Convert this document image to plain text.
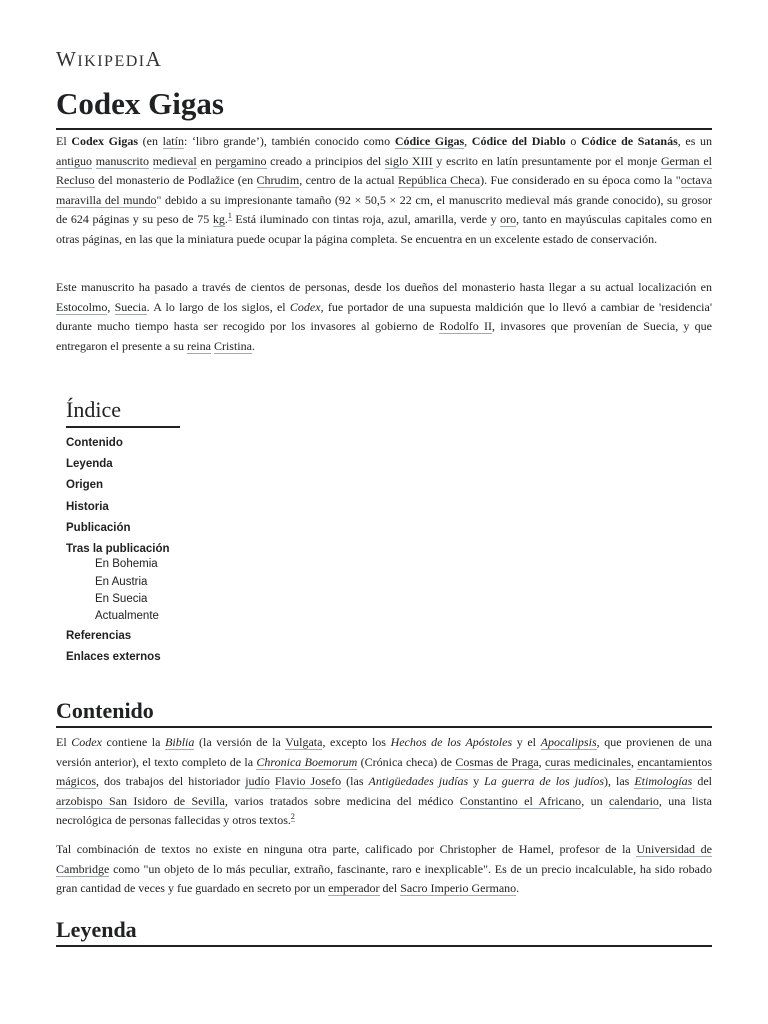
WIKIPEDIA
Codex Gigas

El Codex Gigas (en latín: ‘libro grande’), también conocido como Códice Gigas, Códice del Diablo o Códice de Satanás, es un antiguo manuscrito medieval en pergamino creado a principios del siglo XIII y escrito en latín presuntamente por el monje German el Recluso del monasterio de Podlažice (en Chrudim, centro de la actual República Checa). Fue considerado en su época como la "octava maravilla del mundo" debido a su impresionante tamaño (92 × 50,5 × 22 cm, el manuscrito medieval más grande conocido), su grosor de 624 páginas y su peso de 75 kg.$^1$ Está iluminado con tintas roja, azul, amarilla, verde y oro, tanto en mayúsculas capitales como en otras páginas, en las que la miniatura puede ocupar la página completa. Se encuentra en un excelente estado de conservación.

Este manuscrito ha pasado a través de cientos de personas, desde los dueños del monasterio hasta llegar a su actual localización en Estocolmo, Suecia. A lo largo de los siglos, el Codex, fue portador de una supuesta maldición que lo llevó a cambiar de 'residencia' durante mucho tiempo hasta ser recogido por los invasores al gobierno de Rodolfo II, invasores que provenían de Suecia, y que entregaron el presente a su reina Cristina.

Índice
Contenido
Leyenda
Origen
Historia
Publicación
Tras la publicación
En Bohemia
En Austria
En Suecia
Actualmente
Referencias
Enlaces externos
Contenido

El Codex contiene la Biblia (la versión de la Vulgata, excepto los Hechos de los Apóstoles y el Apocalipsis, que provienen de una versión anterior), el texto completo de la Chronica Boemorum (Crónica checa) de Cosmas de Praga, curas medicinales, encantamientos mágicos, dos trabajos del historiador judío Flavio Josefo (las Antigüedades judías y La guerra de los judíos), las Etimologías del arzobispo San Isidoro de Sevilla, varios tratados sobre medicina del médico Constantino el Africano, un calendario, una lista necrológica de personas fallecidas y otros textos.$^2$

Tal combinación de textos no existe en ninguna otra parte, calificado por Christopher de Hamel, profesor de la Universidad de Cambridge como "un objeto de lo más peculiar, extraño, fascinante, raro e inexplicable". Es de un precio incalculable, ha sido robado gran cantidad de veces y fue guardado en secreto por un emperador del Sacro Imperio Germano.

Leyenda
